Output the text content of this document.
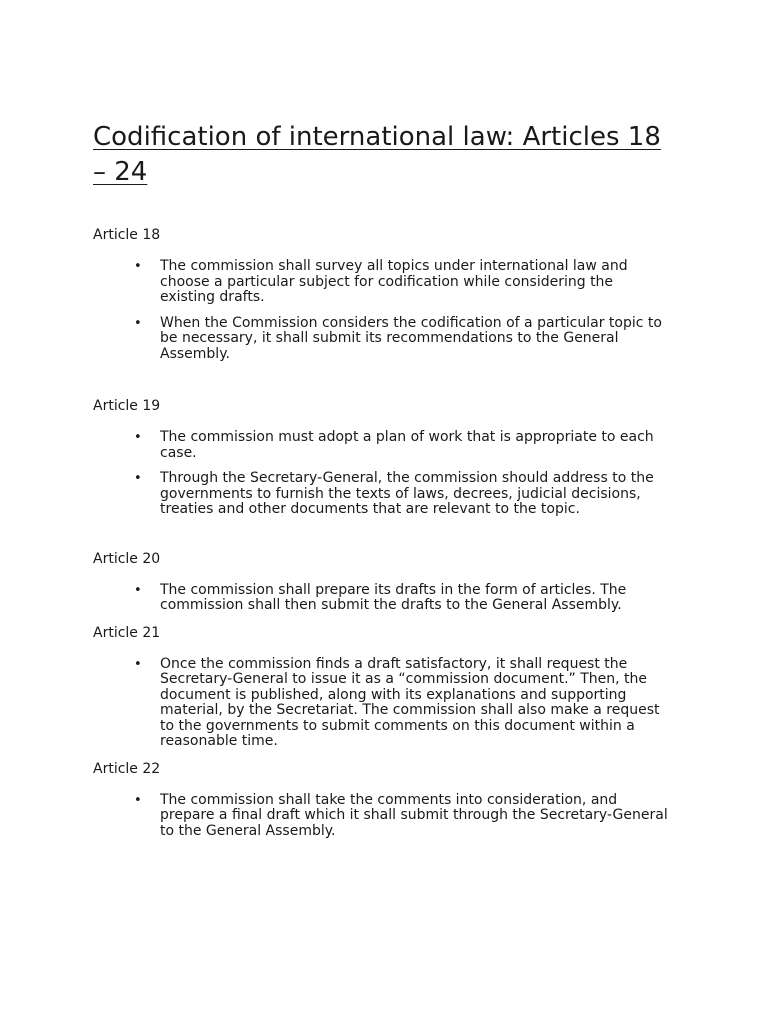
Codification of international law: Articles 18 – 24

Article 18

• The commission shall survey all topics under international law and choose a particular subject for codification while considering the existing drafts.
• When the Commission considers the codification of a particular topic to be necessary, it shall submit its recommendations to the General Assembly.

Article 19

• The commission must adopt a plan of work that is appropriate to each case.
• Through the Secretary-General, the commission should address to the governments to furnish the texts of laws, decrees, judicial decisions, treaties and other documents that are relevant to the topic.

Article 20

• The commission shall prepare its drafts in the form of articles. The commission shall then submit the drafts to the General Assembly.

Article 21

• Once the commission finds a draft satisfactory, it shall request the Secretary-General to issue it as a “commission document.” Then, the document is published, along with its explanations and supporting material, by the Secretariat. The commission shall also make a request to the governments to submit comments on this document within a reasonable time.

Article 22

• The commission shall take the comments into consideration, and prepare a final draft which it shall submit through the Secretary-General to the General Assembly.
